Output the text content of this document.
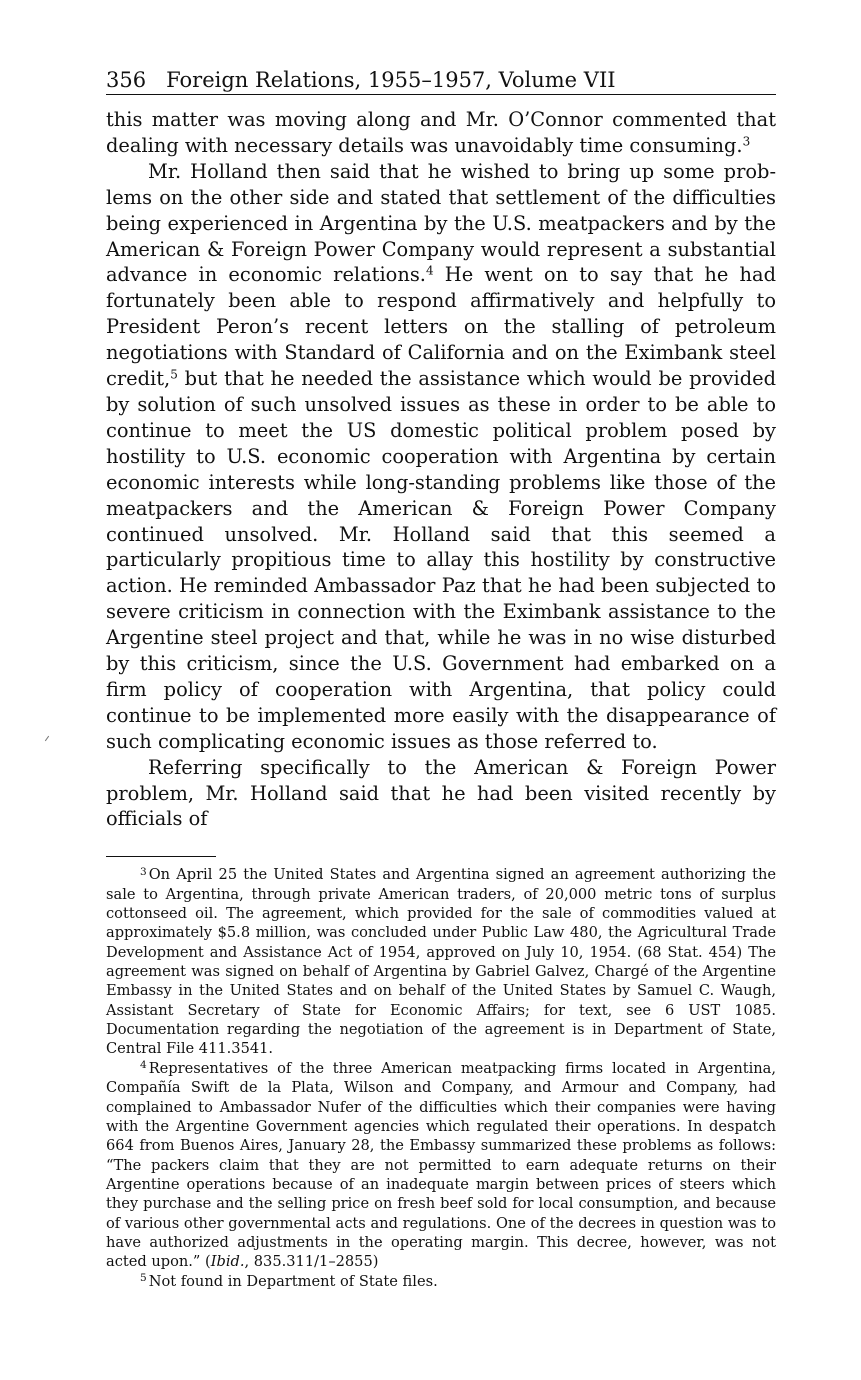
356 Foreign Relations, 1955–1957, Volume VII

this matter was moving along and Mr. O’Connor commented that dealing with necessary details was unavoidably time consuming.$^3$

Mr. Holland then said that he wished to bring up some problems on the other side and stated that settlement of the difficulties being experienced in Argentina by the U.S. meatpackers and by the American & Foreign Power Company would represent a substantial advance in economic relations.$^4$ He went on to say that he had fortunately been able to respond affirmatively and helpfully to President Peron’s recent letters on the stalling of petroleum negotiations with Standard of California and on the Eximbank steel credit,$^5$ but that he needed the assistance which would be provided by solution of such unsolved issues as these in order to be able to continue to meet the US domestic political problem posed by hostility to U.S. economic cooperation with Argentina by certain economic interests while long-standing problems like those of the meatpackers and the American & Foreign Power Company continued unsolved. Mr. Holland said that this seemed a particularly propitious time to allay this hostility by constructive action. He reminded Ambassador Paz that he had been subjected to severe criticism in connection with the Eximbank assistance to the Argentine steel project and that, while he was in no wise disturbed by this criticism, since the U.S. Government had embarked on a firm policy of cooperation with Argentina, that policy could continue to be implemented more easily with the disappearance of such complicating economic issues as those referred to.

Referring specifically to the American & Foreign Power problem, Mr. Holland said that he had been visited recently by officials of

$^3$ On April 25 the United States and Argentina signed an agreement authorizing the sale to Argentina, through private American traders, of 20,000 metric tons of surplus cottonseed oil. The agreement, which provided for the sale of commodities valued at approximately $5.8 million, was concluded under Public Law 480, the Agricultural Trade Development and Assistance Act of 1954, approved on July 10, 1954. (68 Stat. 454) The agreement was signed on behalf of Argentina by Gabriel Galvez, Chargé of the Argentine Embassy in the United States and on behalf of the United States by Samuel C. Waugh, Assistant Secretary of State for Economic Affairs; for text, see 6 UST 1085. Documentation regarding the negotiation of the agreement is in Department of State, Central File 411.3541.

$^4$ Representatives of the three American meatpacking firms located in Argentina, Compañía Swift de la Plata, Wilson and Company, and Armour and Company, had complained to Ambassador Nufer of the difficulties which their companies were having with the Argentine Government agencies which regulated their operations. In despatch 664 from Buenos Aires, January 28, the Embassy summarized these problems as follows: “The packers claim that they are not permitted to earn adequate returns on their Argentine operations because of an inadequate margin between prices of steers which they purchase and the selling price on fresh beef sold for local consumption, and because of various other governmental acts and regulations. One of the decrees in question was to have authorized adjustments in the operating margin. This decree, however, was not acted upon.” (Ibid., 835.311/1–2855)

$^5$ Not found in Department of State files.
